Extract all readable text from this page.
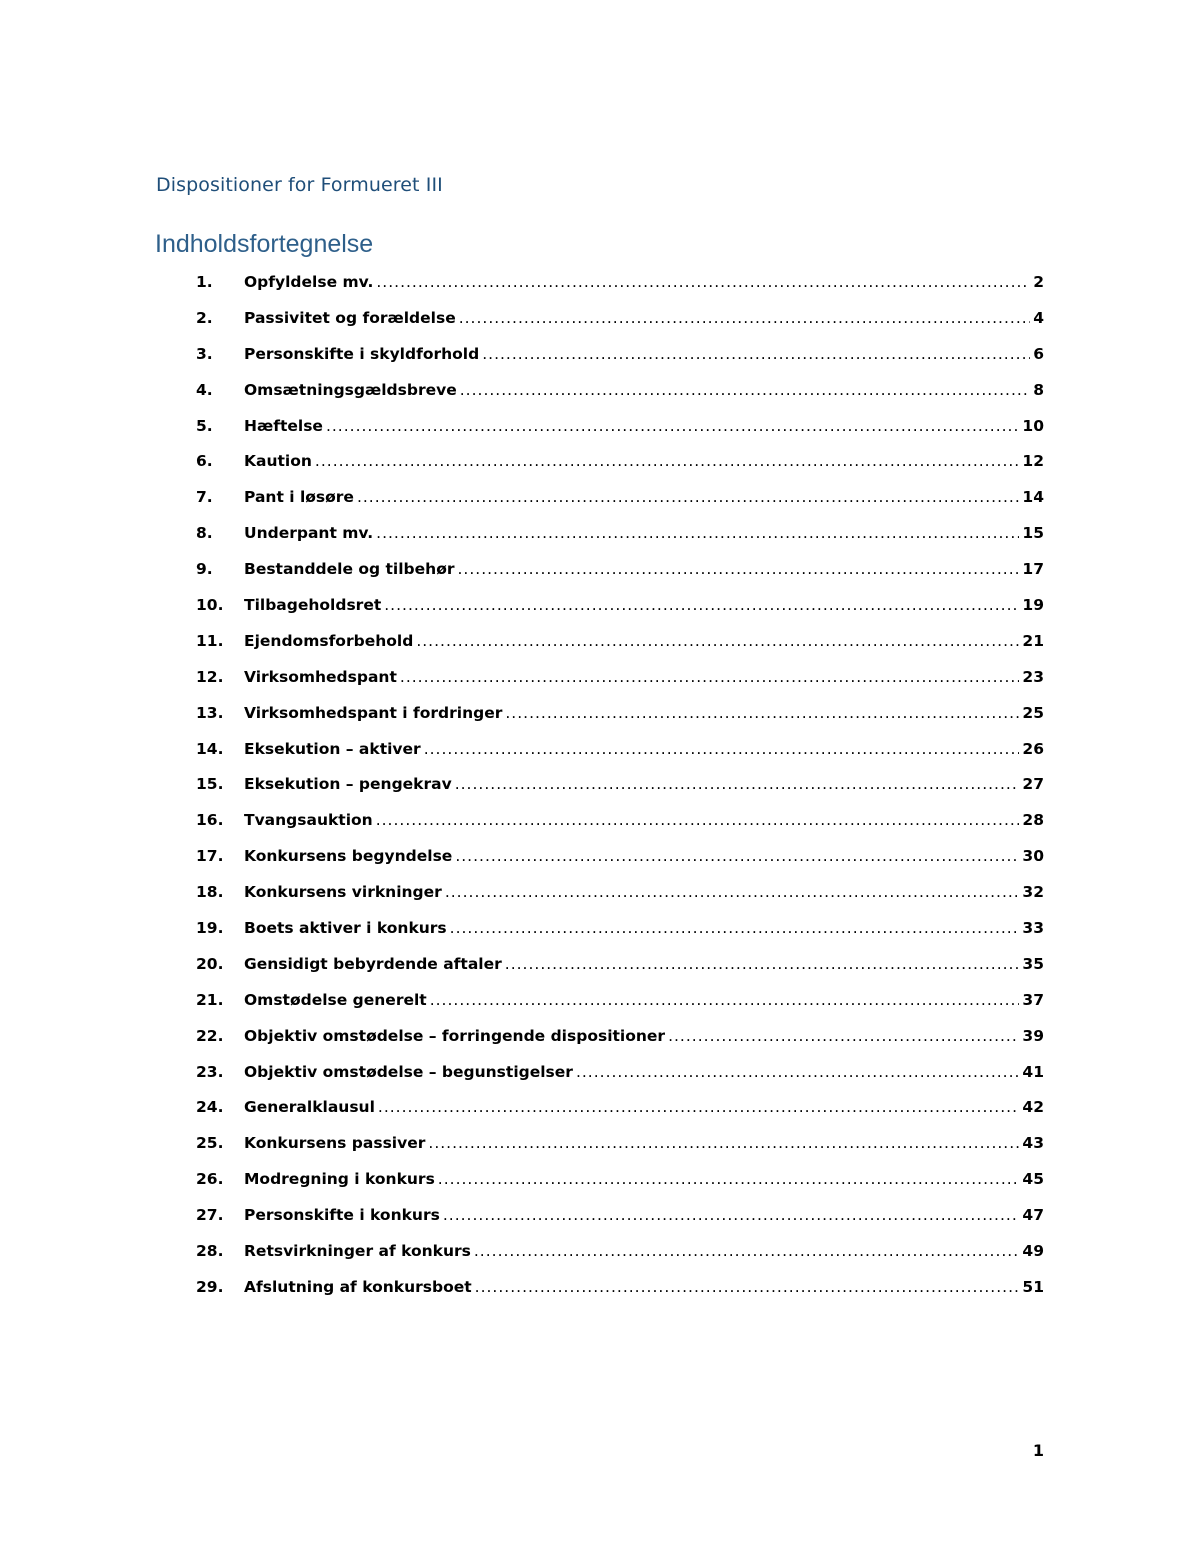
Dispositioner for Formueret III
Indholdsfortegnelse
1.	Opfyldelse mv. .....	2
2.	Passivitet og forældelse .....	4
3.	Personskifte i skyldforhold .....	6
4.	Omsætningsgældsbreve .....	8
5.	Hæftelse .....	10
6.	Kaution .....	12
7.	Pant i løsøre .....	14
8.	Underpant mv. .....	15
9.	Bestanddele og tilbehør .....	17
10.	Tilbageholdsret .....	19
11.	Ejendomsforbehold .....	21
12.	Virksomhedspant .....	23
13.	Virksomhedspant i fordringer .....	25
14.	Eksekution – aktiver .....	26
15.	Eksekution – pengekrav .....	27
16.	Tvangsauktion .....	28
17.	Konkursens begyndelse .....	30
18.	Konkursens virkninger .....	32
19.	Boets aktiver i konkurs .....	33
20.	Gensidigt bebyrdende aftaler .....	35
21.	Omstødelse generelt .....	37
22.	Objektiv omstødelse – forringende dispositioner .....	39
23.	Objektiv omstødelse – begunstigelser .....	41
24.	Generalklausul .....	42
25.	Konkursens passiver .....	43
26.	Modregning i konkurs .....	45
27.	Personskifte i konkurs .....	47
28.	Retsvirkninger af konkurs .....	49
29.	Afslutning af konkursboet .....	51
1
